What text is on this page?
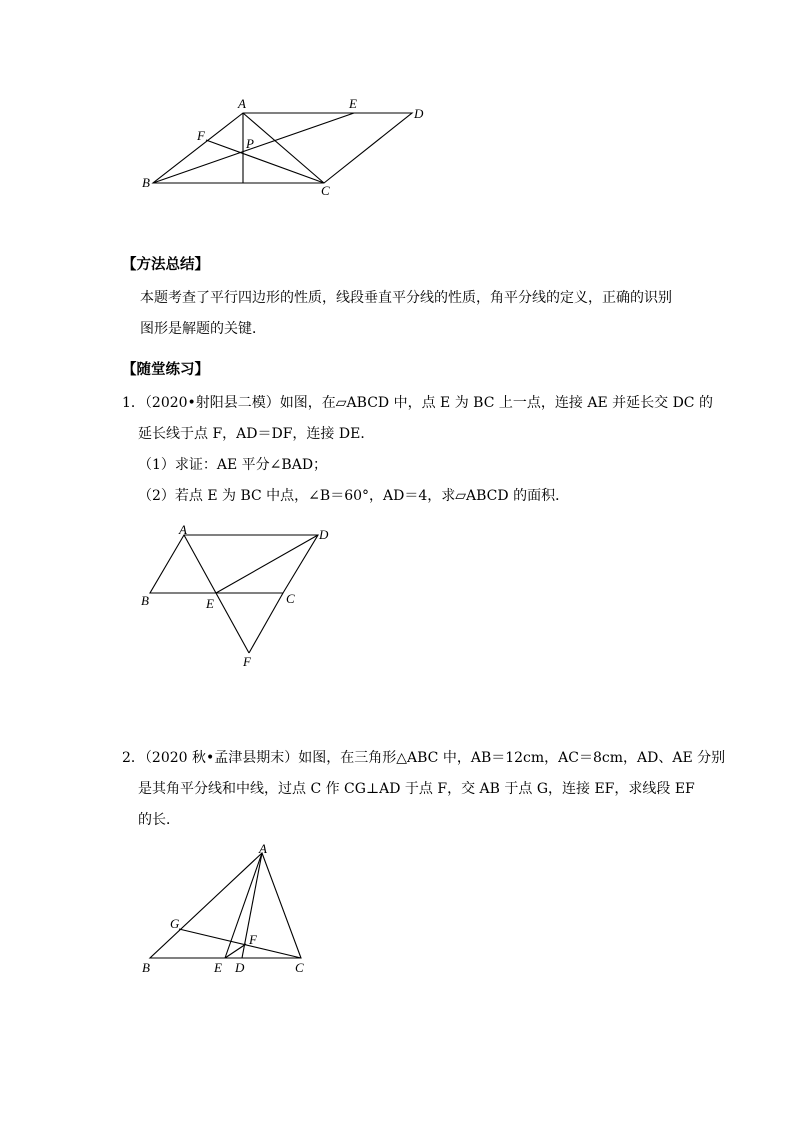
A	E
D
F
P
B
C
【方法总结】
本题考查了平行四边形的性质，线段垂直平分线的性质，角平分线的定义，正确的识别
图形是解题的关键．
【随堂练习】
1．（2020•射阳县二模）如图，在▱ABCD 中，点 E 为 BC 上一点，连接 AE 并延长交 DC 的
延长线于点 F，AD＝DF，连接 DE．
（1）求证：AE 平分∠BAD；
（2）若点 E 为 BC 中点，∠B＝60°，AD＝4，求▱ABCD 的面积．
A	D
B	E	C
F
2．（2020 秋•孟津县期末）如图，在三角形△ABC 中，AB＝12cm，AC＝8cm，AD、AE 分别
是其角平分线和中线，过点 C 作 CG⊥AD 于点 F，交 AB 于点 G，连接 EF，求线段 EF
的长．
A
G
F
B	E D	C
